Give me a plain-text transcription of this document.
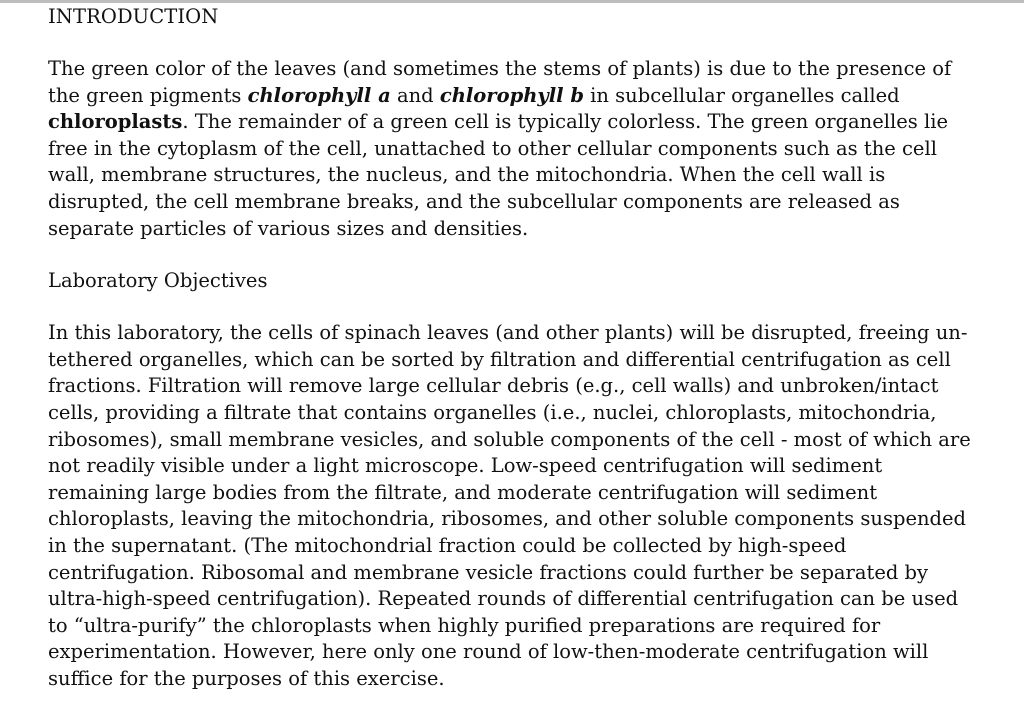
INTRODUCTION

The green color of the leaves (and sometimes the stems of plants) is due to the presence of the green pigments chlorophyll a and chlorophyll b in subcellular organelles called chloroplasts. The remainder of a green cell is typically colorless. The green organelles lie free in the cytoplasm of the cell, unattached to other cellular components such as the cell wall, membrane structures, the nucleus, and the mitochondria. When the cell wall is disrupted, the cell membrane breaks, and the subcellular components are released as separate particles of various sizes and densities.

Laboratory Objectives

In this laboratory, the cells of spinach leaves (and other plants) will be disrupted, freeing un-tethered organelles, which can be sorted by filtration and differential centrifugation as cell fractions. Filtration will remove large cellular debris (e.g., cell walls) and unbroken/intact cells, providing a filtrate that contains organelles (i.e., nuclei, chloroplasts, mitochondria, ribosomes), small membrane vesicles, and soluble components of the cell - most of which are not readily visible under a light microscope. Low-speed centrifugation will sediment remaining large bodies from the filtrate, and moderate centrifugation will sediment chloroplasts, leaving the mitochondria, ribosomes, and other soluble components suspended in the supernatant. (The mitochondrial fraction could be collected by high-speed centrifugation. Ribosomal and membrane vesicle fractions could further be separated by ultra-high-speed centrifugation). Repeated rounds of differential centrifugation can be used to “ultra-purify” the chloroplasts when highly purified preparations are required for experimentation. However, here only one round of low-then-moderate centrifugation will suffice for the purposes of this exercise.
